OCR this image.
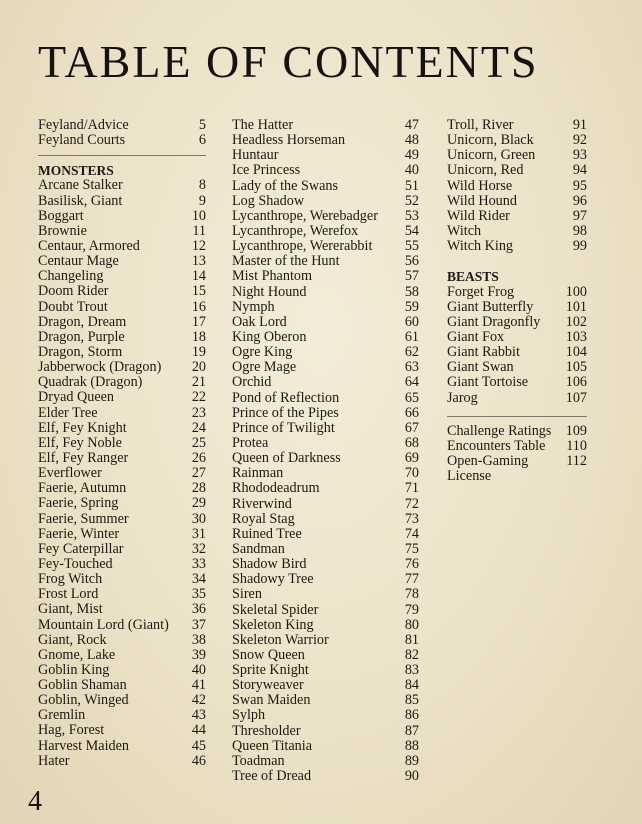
TABLE OF CONTENTS
Feyland/Advice	5
Feyland Courts	6
MONSTERS
Arcane Stalker	8
Basilisk, Giant	9
Boggart	10
Brownie	11
Centaur, Armored	12
Centaur Mage	13
Changeling	14
Doom Rider	15
Doubt Trout	16
Dragon, Dream	17
Dragon, Purple	18
Dragon, Storm	19
Jabberwock (Dragon) 20
Quadrak (Dragon)	21
Dryad Queen	22
Elder Tree	23
Elf, Fey Knight	24
Elf, Fey Noble	25
Elf, Fey Ranger	26
Everflower	27
Faerie, Autumn	28
Faerie, Spring	29
Faerie, Summer	30
Faerie, Winter	31
Fey Caterpillar	32
Fey-Touched	33
Frog Witch	34
Frost Lord	35
Giant, Mist	36
Mountain Lord (Giant) 37
Giant, Rock	38
Gnome, Lake	39
Goblin King	40
Goblin Shaman	41
Goblin, Winged	42
Gremlin	43
Hag, Forest	44
Harvest Maiden	45
Hater	46
The Hatter	47
Headless Horseman	48
Huntaur	49
Ice Princess	40
Lady of the Swans	51
Log Shadow	52
Lycanthrope, Werebadger 53
Lycanthrope, Werefox	54
Lycanthrope, Wererabbit 55
Master of the Hunt	56
Mist Phantom	57
Night Hound	58
Nymph	59
Oak Lord	60
King Oberon	61
Ogre King	62
Ogre Mage	63
Orchid	64
Pond of Reflection	65
Prince of the Pipes	66
Prince of Twilight	67
Protea	68
Queen of Darkness	69
Rainman	70
Rhododeadrum	71
Riverwind	72
Royal Stag	73
Ruined Tree	74
Sandman	75
Shadow Bird	76
Shadowy Tree	77
Siren	78
Skeletal Spider	79
Skeleton King	80
Skeleton Warrior	81
Snow Queen	82
Sprite Knight	83
Storyweaver	84
Swan Maiden	85
Sylph	86
Thresholder	87
Queen Titania	88
Toadman	89
Tree of Dread	90
Troll, River	91
Unicorn, Black	92
Unicorn, Green	93
Unicorn, Red	94
Wild Horse	95
Wild Hound	96
Wild Rider	97
Witch	98
Witch King	99
BEASTS
Forget Frog	100
Giant Butterfly 101
Giant Dragonfly 102
Giant Fox	103
Giant Rabbit	104
Giant Swan	105
Giant Tortoise	106
Jarog	107
Challenge Ratings 109
Encounters Table 110
Open-Gaming	112
License
4
